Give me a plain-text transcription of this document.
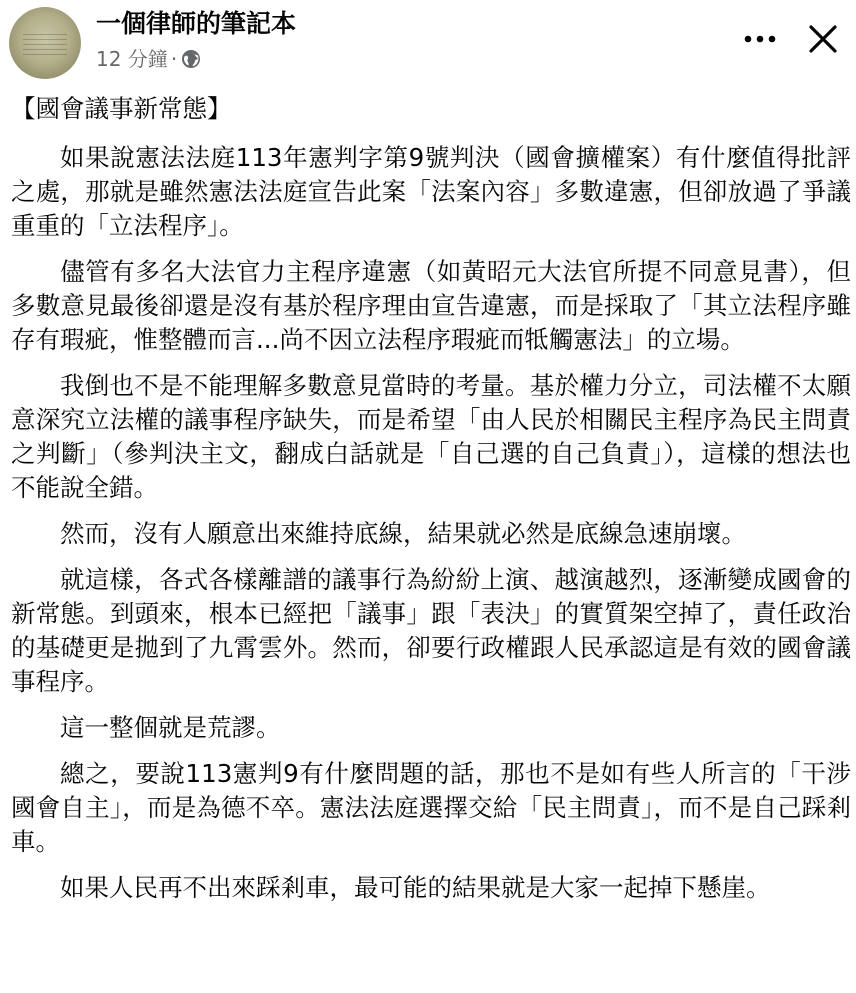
一個律師的筆記本
12 分鐘 ·

【國會議事新常態】

如果說憲法法庭113年憲判字第9號判決（國會擴權案）有什麼值得批評之處，那就是雖然憲法法庭宣告此案「法案內容」多數違憲，但卻放過了爭議重重的「立法程序」。

儘管有多名大法官力主程序違憲（如黃昭元大法官所提不同意見書），但多數意見最後卻還是沒有基於程序理由宣告違憲，而是採取了「其立法程序雖存有瑕疵，惟整體而言...尚不因立法程序瑕疵而牴觸憲法」的立場。

我倒也不是不能理解多數意見當時的考量。基於權力分立，司法權不太願意深究立法權的議事程序缺失，而是希望「由人民於相關民主程序為民主問責之判斷」（參判決主文，翻成白話就是「自己選的自己負責」），這樣的想法也不能說全錯。

然而，沒有人願意出來維持底線，結果就必然是底線急速崩壞。

就這樣，各式各樣離譜的議事行為紛紛上演、越演越烈，逐漸變成國會的新常態。到頭來，根本已經把「議事」跟「表決」的實質架空掉了，責任政治的基礎更是拋到了九霄雲外。然而，卻要行政權跟人民承認這是有效的國會議事程序。

這一整個就是荒謬。

總之，要說113憲判9有什麼問題的話，那也不是如有些人所言的「干涉國會自主」，而是為德不卒。憲法法庭選擇交給「民主問責」，而不是自己踩剎車。

如果人民再不出來踩剎車，最可能的結果就是大家一起掉下懸崖。
